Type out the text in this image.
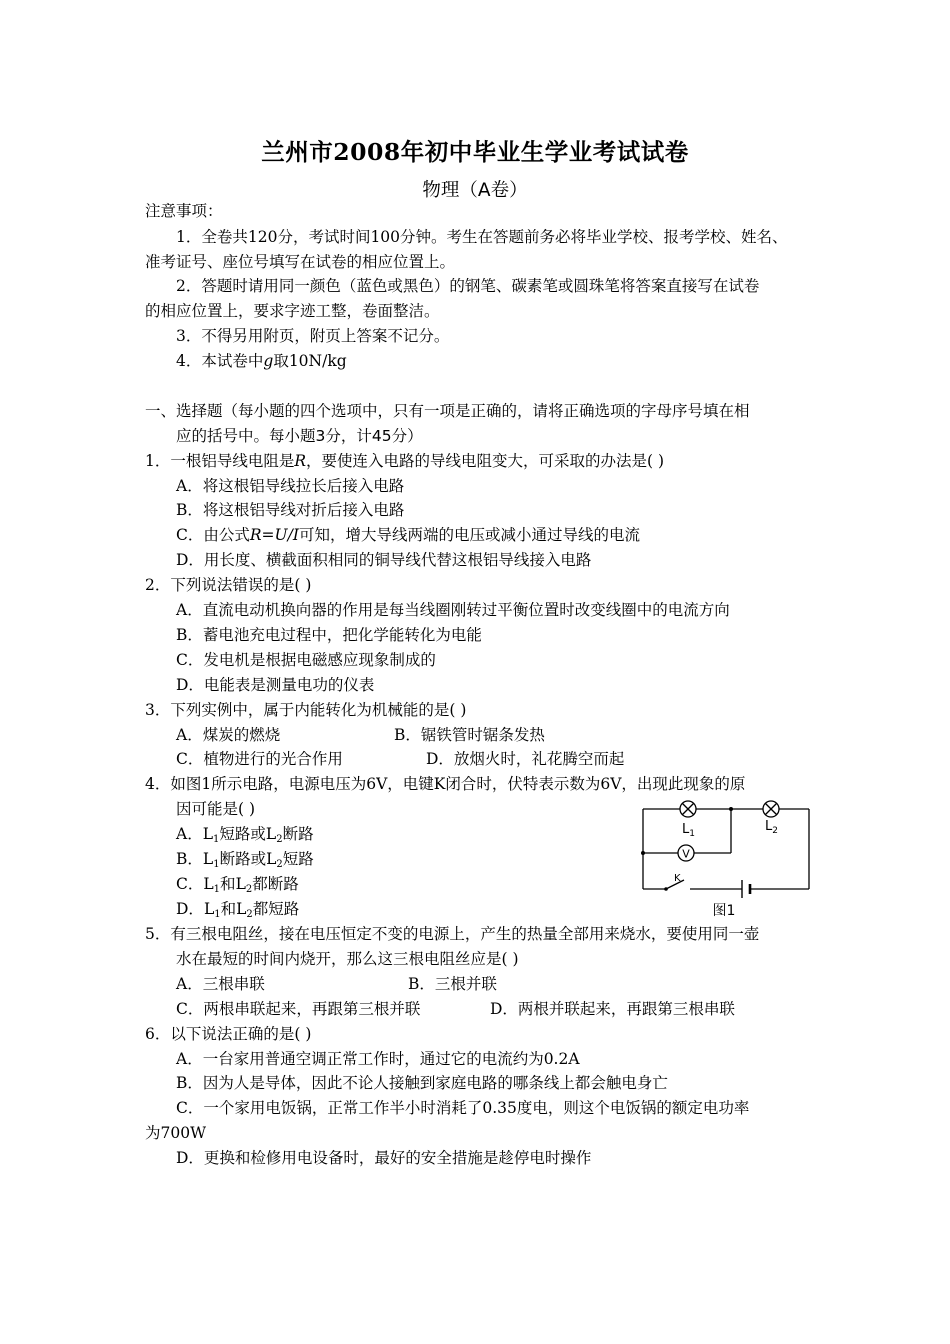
兰州市2008年初中毕业生学业考试试卷
物理（A卷）
注意事项：
1．全卷共120分，考试时间100分钟。考生在答题前务必将毕业学校、报考学校、姓名、
准考证号、座位号填写在试卷的相应位置上。
2．答题时请用同一颜色（蓝色或黑色）的钢笔、碳素笔或圆珠笔将答案直接写在试卷
的相应位置上，要求字迹工整，卷面整洁。
3．不得另用附页，附页上答案不记分。
4．本试卷中g取10N/kg
一、选择题（每小题的四个选项中，只有一项是正确的，请将正确选项的字母序号填在相
应的括号中。每小题3分，计45分）
1．一根铝导线电阻是R，要使连入电路的导线电阻变大，可采取的办法是( )
A．将这根铝导线拉长后接入电路
B．将这根铝导线对折后接入电路
C．由公式R=U/I可知，增大导线两端的电压或减小通过导线的电流
D．用长度、横截面积相同的铜导线代替这根铝导线接入电路
2．下列说法错误的是( )
A．直流电动机换向器的作用是每当线圈刚转过平衡位置时改变线圈中的电流方向
B．蓄电池充电过程中，把化学能转化为电能
C．发电机是根据电磁感应现象制成的
D．电能表是测量电功的仪表
3．下列实例中，属于内能转化为机械能的是( )
A．煤炭的燃烧	B．锯铁管时锯条发热
C．植物进行的光合作用	D．放烟火时，礼花腾空而起
4．如图1所示电路，电源电压为6V，电键K闭合时，伏特表示数为6V，出现此现象的原
因可能是( )
A．$L_1$短路或$L_2$断路
B．$L_1$断路或$L_2$短路
C．$L_1$和$L_2$都断路
D．$L_1$和$L_2$都短路
V
$L_1$	$L_2$
K
图1
5．有三根电阻丝，接在电压恒定不变的电源上，产生的热量全部用来烧水，要使用同一壶
水在最短的时间内烧开，那么这三根电阻丝应是( )
A．三根串联	B．三根并联
C．两根串联起来，再跟第三根并联	D．两根并联起来，再跟第三根串联
6．以下说法正确的是( )
A．一台家用普通空调正常工作时，通过它的电流约为0.2A
B．因为人是导体，因此不论人接触到家庭电路的哪条线上都会触电身亡
C．一个家用电饭锅，正常工作半小时消耗了0.35度电，则这个电饭锅的额定电功率
为700W
D．更换和检修用电设备时，最好的安全措施是趁停电时操作
